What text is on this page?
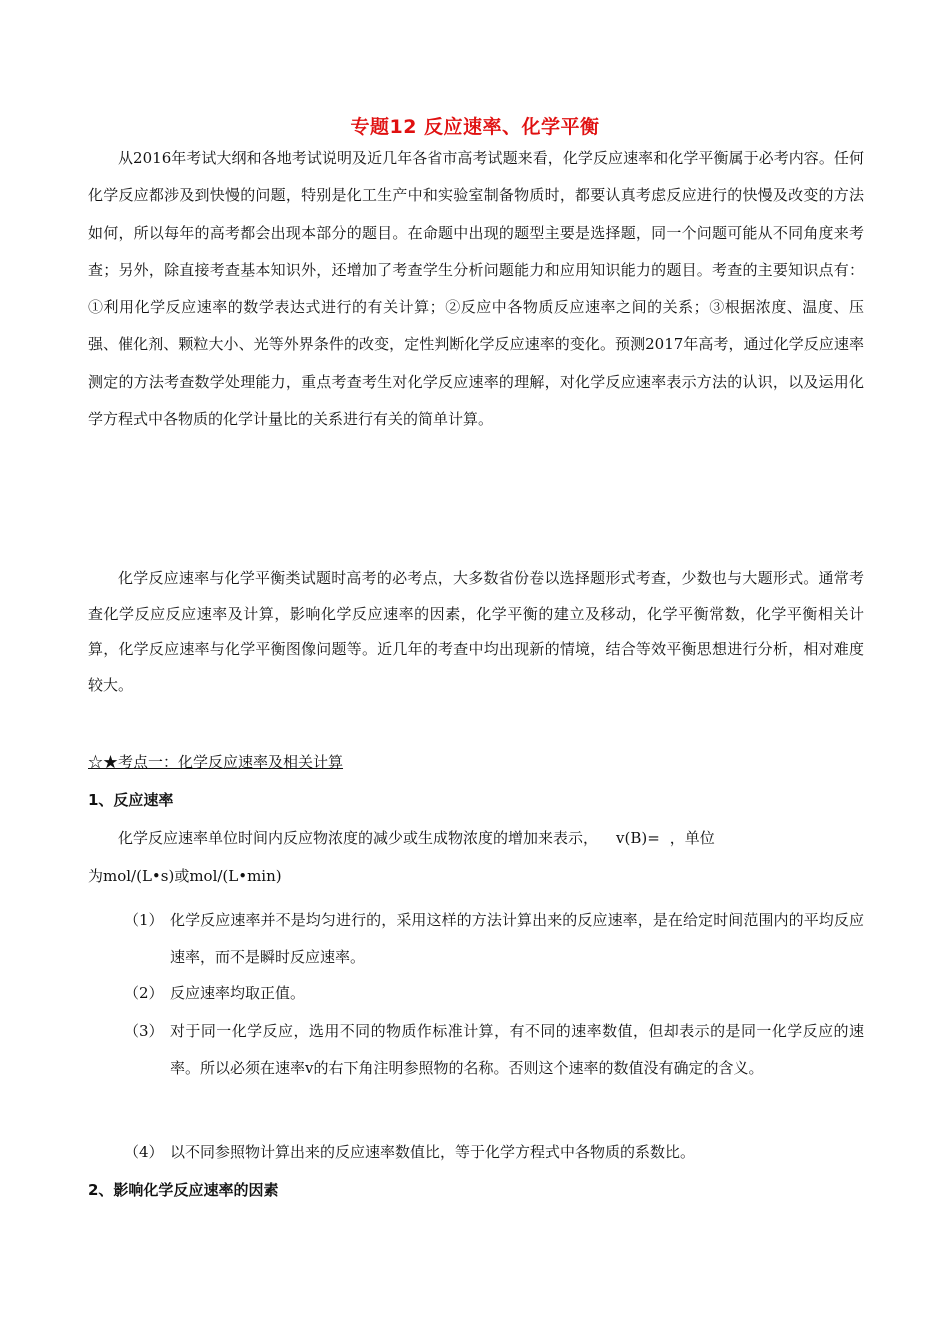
专题12 反应速率、化学平衡
从2016年考试大纲和各地考试说明及近几年各省市高考试题来看，化学反应速率和化学平衡属于必考内容。任何化学反应都涉及到快慢的问题，特别是化工生产中和实验室制备物质时，都要认真考虑反应进行的快慢及改变的方法如何，所以每年的高考都会出现本部分的题目。在命题中出现的题型主要是选择题，同一个问题可能从不同角度来考查；另外，除直接考查基本知识外，还增加了考查学生分析问题能力和应用知识能力的题目。考查的主要知识点有：①利用化学反应速率的数学表达式进行的有关计算；②反应中各物质反应速率之间的关系；③根据浓度、温度、压强、催化剂、颗粒大小、光等外界条件的改变，定性判断化学反应速率的变化。预测2017年高考，通过化学反应速率测定的方法考查数学处理能力，重点考查考生对化学反应速率的理解，对化学反应速率表示方法的认识，以及运用化学方程式中各物质的化学计量比的关系进行有关的简单计算。
化学反应速率与化学平衡类试题时高考的必考点，大多数省份卷以选择题形式考查，少数也与大题形式。通常考查化学反应反应速率及计算，影响化学反应速率的因素，化学平衡的建立及移动，化学平衡常数，化学平衡相关计算，化学反应速率与化学平衡图像问题等。近几年的考查中均出现新的情境，结合等效平衡思想进行分析，相对难度较大。
☆★考点一：化学反应速率及相关计算
1、反应速率
化学反应速率单位时间内反应物浓度的减少或生成物浓度的增加来表示， v(B)= ，单位
为mol/(L•s)或mol/(L•min)
（1） 化学反应速率并不是均匀进行的，采用这样的方法计算出来的反应速率，是在给定时间范围内的平均反应速率，而不是瞬时反应速率。
（2） 反应速率均取正值。
（3） 对于同一化学反应，选用不同的物质作标准计算，有不同的速率数值，但却表示的是同一化学反应的速率。所以必须在速率v的右下角注明参照物的名称。否则这个速率的数值没有确定的含义。
（4） 以不同参照物计算出来的反应速率数值比，等于化学方程式中各物质的系数比。
2、影响化学反应速率的因素
